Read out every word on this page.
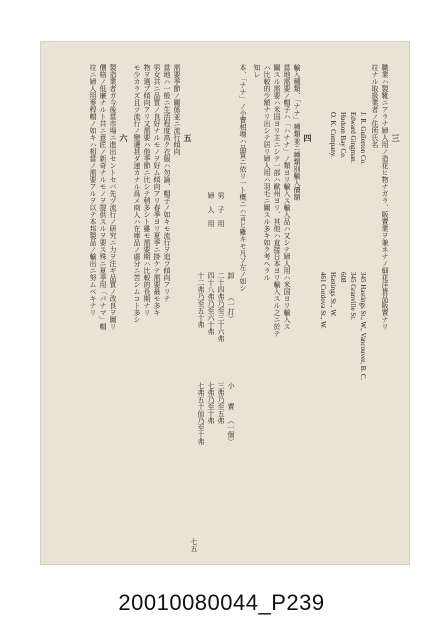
三
職業ハ製靴ニアラナ婦人用ノ造花ヒ物ナガラ、販賣業ヲ兼ネナノ細花洋貨品販賣ナリ
竝ナル取扱業者ノ住所氏名
J. R. Gullerton Co.
Edward Gingman.
Hudson Bay Co.
O. K. Company.
345 Hastings St., W., Vancouver, B. C.
345 Granville St.
608
Hastings St., W.
461 Cordova St., W.
四
輸入種類、「ナナ」種類並ニ種類別輸入價額
當地需要ノ帽子ハ「ハナナ」ノ類ヨリ輸入ス輸入品ハ又シテ婦人用ハ米国ヨリ輸入ス
關スル需要ハ米国ヨリ主ニシテ一部ハ歐州ヨリ、其他ハ直接日本ヨリ輸入スル之ニ於テ
ハ比較的少額ナリ出シテ居リ婦人用ハ羽毛ニ關スル多キ如ク考ヘラル
知レ
本、「ナナ」ノ小賣相場ハ品質ニ依リ一ト概ニハ言ヒ難キモ凡ソ左ノ如シ
卸
（一打）
小　　賣
（一個）
男　子　用
二十四弗乃至三十六弗
三弗乃至五弗
婦　人　用
四十八弗乃至六十弗
七弗乃至十弗
十二弗乃至五十弗
七弗五十仙乃至十弗
五
需要季節ノ關係並ニ流行傾向
當地ハ一般ニ生活程度高ク衣服ハ勿論、帽子ノ如キモ流行ヲ追フ傾向アリテ
男女共ニ品質ノ良好ナルモノヲ好ム傾向アリ春季ヨリ夏季ニ掛ケテ需要最モ多キ
物ヲ選ブ傾向アリ又需要ハ他季節ニ比シテ稍多シト雖モ需要期ハ比較的長期ナリ
モ少カラズ且ツ流行ノ變遷甚ダ速カナル爲メ商人ハ在庫品ノ處分ニ苦シムコト多シ
六
製造業者ガ今後當市場ニ進出セントセバ先ヅ流行ノ研究ニ力ヲ注ギ品質ノ改良ヲ圖リ
價格ノ低廉ナルト共ニ意匠ノ新奇ナルモノヲ提供スルヲ要ス殊ニ夏季用「パナマ」帽
竝ニ婦人用麥稈帽ノ如キハ相當ノ需要アルヲ以テ本邦製品ノ輸出ニ努ムベキナリ
七五
20010080044_P239
